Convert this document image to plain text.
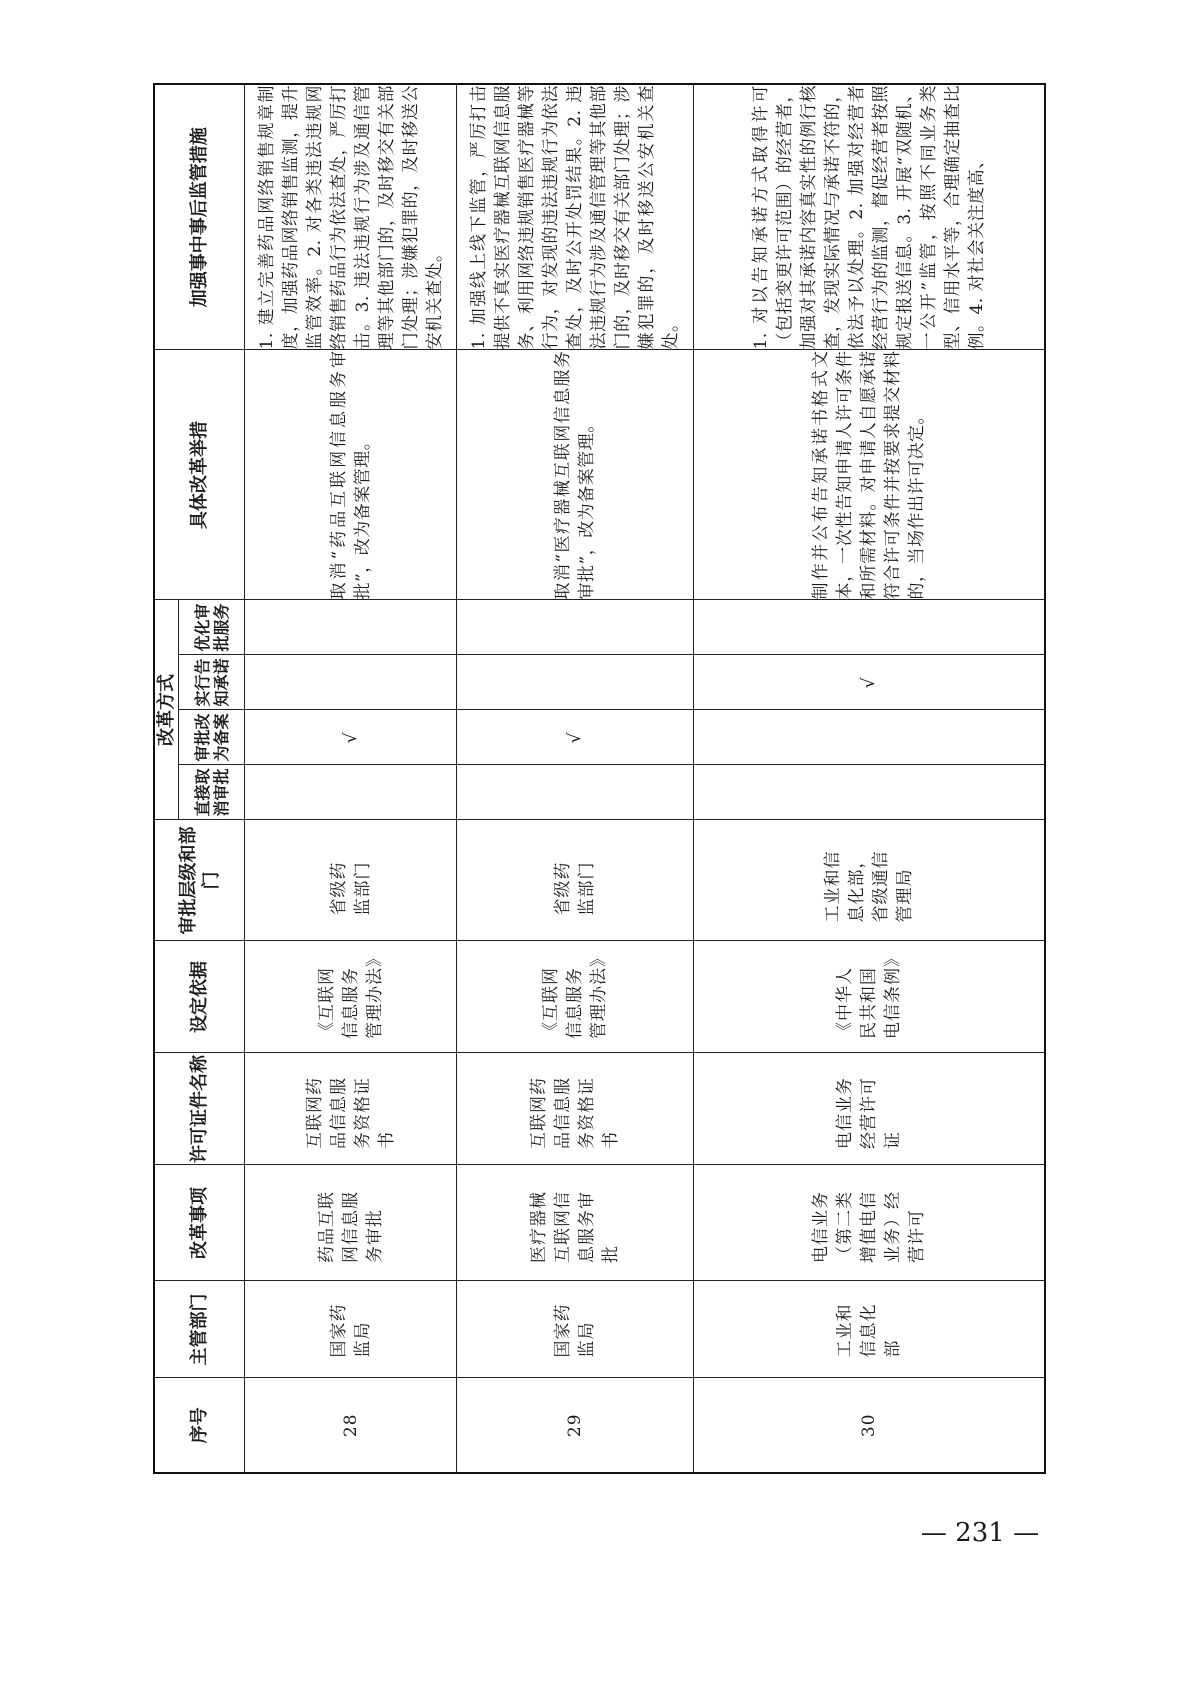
序号	主管部门	改革事项	许可证件名称	设定依据	审批层级和部门	改革方式				具体改革举措	加强事中事后监管措施
						直接取消审批	审批改为备案	实行告知承诺	优化审批服务		
28	国家药监局	药品互联网信息服务审批	互联网药品信息服务资格证书	《互联网信息服务管理办法》	省级药监部门		√			取消“药品互联网信息服务审批”，改为备案管理。	1. 建立完善药品网络销售规章制度，加强药品网络销售监测，提升监管效率。2. 对各类违法违规网络销售药品行为依法查处，严厉打击。3. 违法违规行为涉及通信管理等其他部门的，及时移交有关部门处理；涉嫌犯罪的，及时移送公安机关查处。
29	国家药监局	医疗器械互联网信息服务审批	互联网药品信息服务资格证书	《互联网信息服务管理办法》	省级药监部门		√			取消“医疗器械互联网信息服务审批”，改为备案管理。	1. 加强线上线下监管，严厉打击提供不真实医疗器械互联网信息服务、利用网络违规销售医疗器械等行为，对发现的违法违规行为依法查处，及时公开处罚结果。2. 违法违规行为涉及通信管理等其他部门的，及时移交有关部门处理；涉嫌犯罪的，及时移送公安机关查处。
30	工业和信息化部	电信业务（第二类增值电信业务）经营许可	电信业务经营许可证	《中华人民共和国电信条例》	工业和信息化部，省级通信管理局			√		制作并公布告知承诺书格式文本，一次性告知申请人许可条件和所需材料。对申请人自愿承诺符合许可条件并按要求提交材料的，当场作出许可决定。	1. 对以告知承诺方式取得许可（包括变更许可范围）的经营者，加强对其承诺内容真实性的例行核查，发现实际情况与承诺不符的，依法予以处理。2. 加强对经营者经营行为的监测，督促经营者按照规定报送信息。3. 开展“双随机、一公开”监管，按照不同业务类型、信用水平等，合理确定抽查比例。4. 对社会关注度高、
— 231 —
